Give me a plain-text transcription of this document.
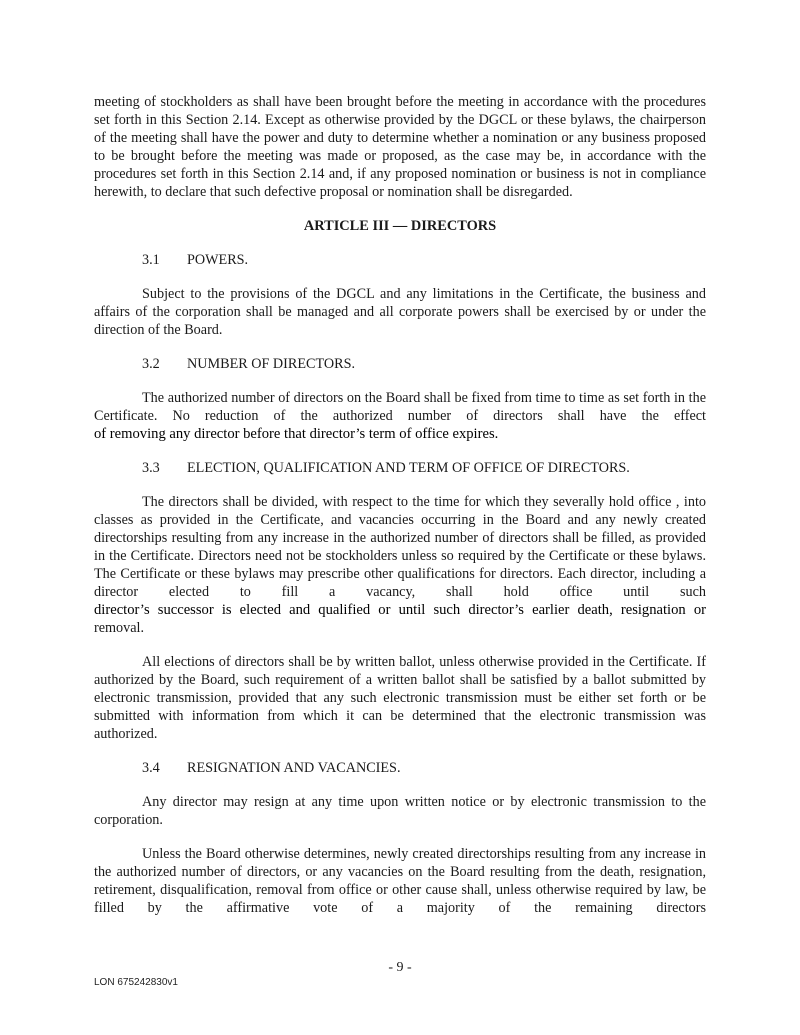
meeting of stockholders as shall have been brought before the meeting in accordance with the procedures set forth in this Section 2.14. Except as otherwise provided by the DGCL or these bylaws, the chairperson of the meeting shall have the power and duty to determine whether a nomination or any business proposed to be brought before the meeting was made or proposed, as the case may be, in accordance with the procedures set forth in this Section 2.14 and, if any proposed nomination or business is not in compliance herewith, to declare that such defective proposal or nomination shall be disregarded.

ARTICLE III — DIRECTORS
3.1 POWERS.

Subject to the provisions of the DGCL and any limitations in the Certificate, the business and affairs of the corporation shall be managed and all corporate powers shall be exercised by or under the direction of the Board.

3.2 NUMBER OF DIRECTORS.

The authorized number of directors on the Board shall be fixed from time to time as set forth in the Certificate. No reduction of the authorized number of directors shall have the effect

of removing any director before that director’s term of office expires.

3.3 ELECTION, QUALIFICATION AND TERM OF OFFICE OF DIRECTORS.

The directors shall be divided, with respect to the time for which they severally hold office , into classes as provided in the Certificate, and vacancies occurring in the Board and any newly created directorships resulting from any increase in the authorized number of directors shall be filled, as provided in the Certificate. Directors need not be stockholders unless so required by the Certificate or these bylaws. The Certificate or these bylaws may prescribe other qualifications for directors. Each director, including a director elected to fill a vacancy, shall hold office until such

director’s successor is elected and qualified or until such director’s earlier death, resignation or

removal.

All elections of directors shall be by written ballot, unless otherwise provided in the Certificate. If authorized by the Board, such requirement of a written ballot shall be satisfied by a ballot submitted by electronic transmission, provided that any such electronic transmission must be either set forth or be submitted with information from which it can be determined that the electronic transmission was authorized.

3.4 RESIGNATION AND VACANCIES.

Any director may resign at any time upon written notice or by electronic transmission to the corporation.

Unless the Board otherwise determines, newly created directorships resulting from any increase in the authorized number of directors, or any vacancies on the Board resulting from the death, resignation, retirement, disqualification, removal from office or other cause shall, unless otherwise required by law, be filled by the affirmative vote of a majority of the remaining directors

- 9 -
LON 675242830v1
